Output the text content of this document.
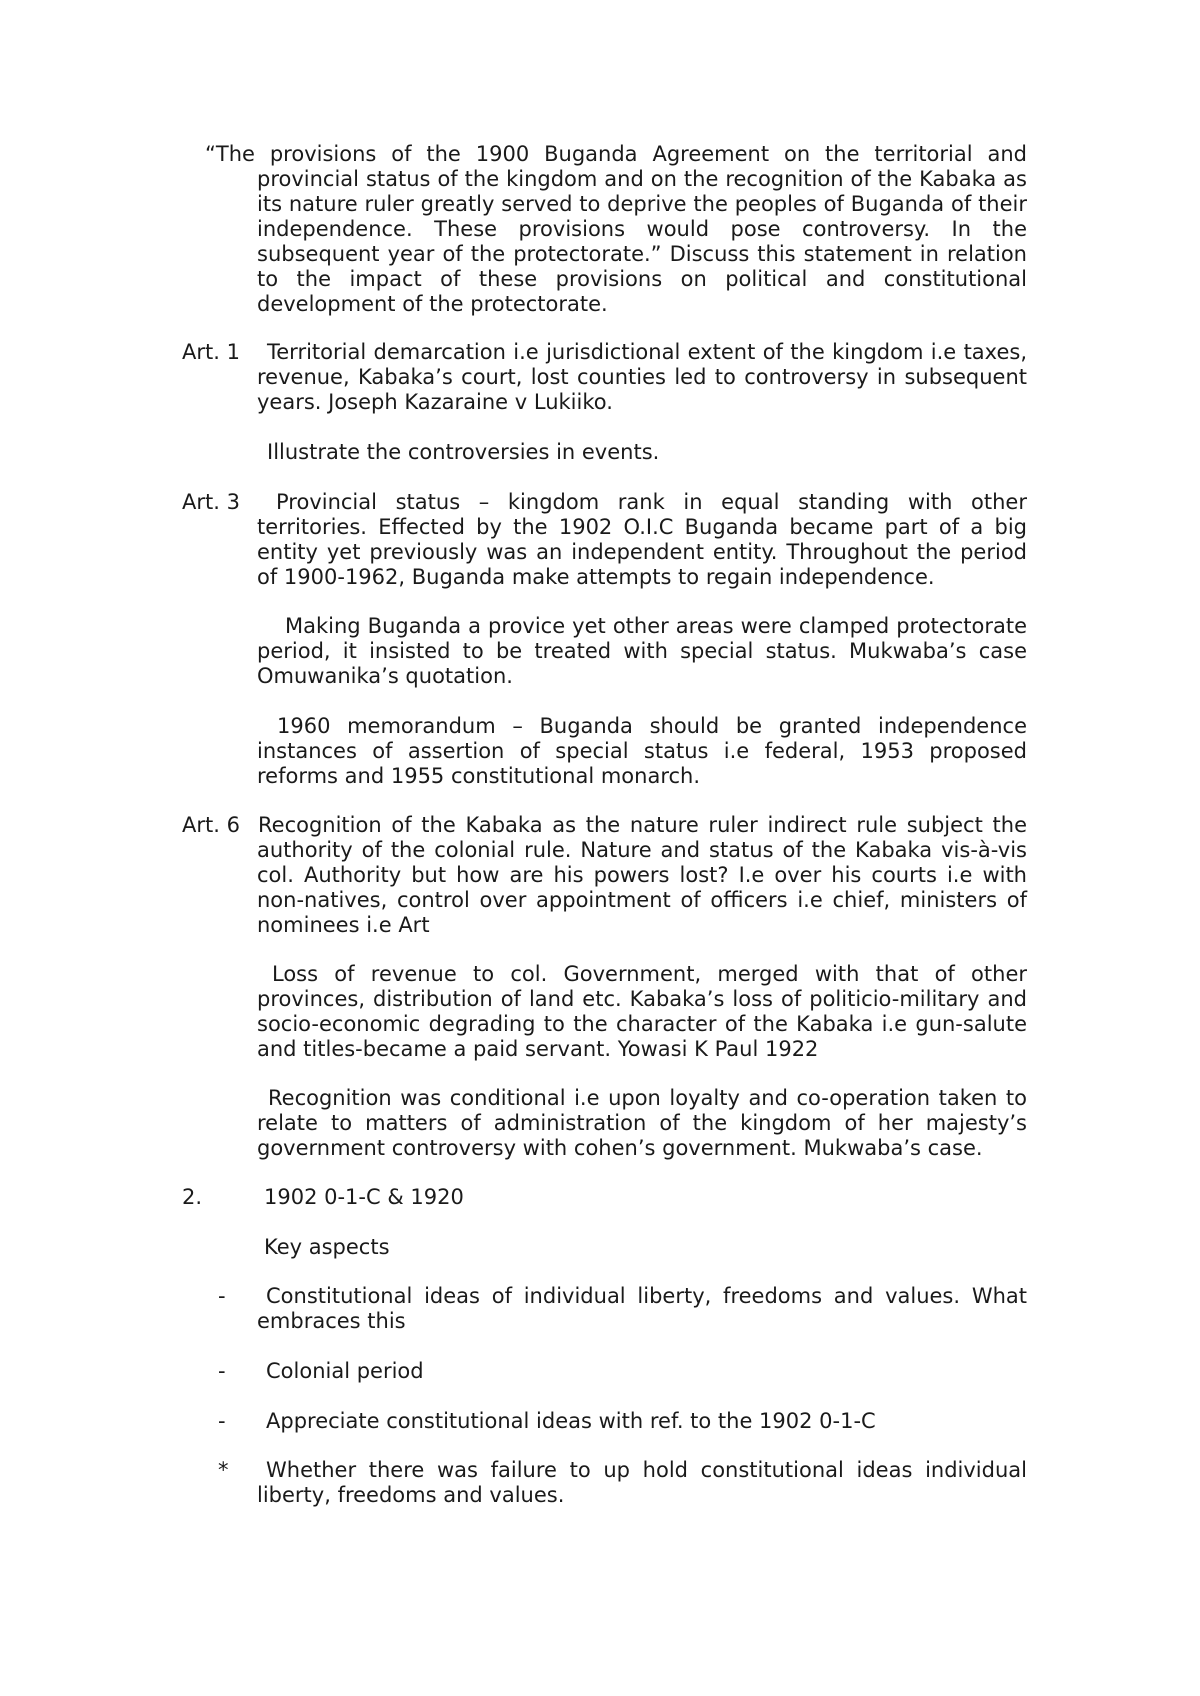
“The provisions of the 1900 Buganda Agreement on the territorial and provincial status of the kingdom and on the recognition of the Kabaka as its nature ruler greatly served to deprive the peoples of Buganda of their independence. These provisions would pose controversy. In the subsequent year of the protectorate.” Discuss this statement in relation to the impact of these provisions on political and constitutional development of the protectorate.
Art. 1	Territorial demarcation i.e jurisdictional extent of the kingdom i.e taxes, revenue, Kabaka’s court, lost counties led to controversy in subsequent years. Joseph Kazaraine v Lukiiko.
Illustrate the controversies in events.
Art. 3	Provincial status – kingdom rank in equal standing with other territories. Effected by the 1902 O.I.C Buganda became part of a big entity yet previously was an independent entity. Throughout the period of 1900-1962, Buganda make attempts to regain independence.
Making Buganda a provice yet other areas were clamped protectorate period, it insisted to be treated with special status. Mukwaba’s case Omuwanika’s quotation.
1960 memorandum – Buganda should be granted independence instances of assertion of special status i.e federal, 1953 proposed reforms and 1955 constitutional monarch.
Art. 6 Recognition of the Kabaka as the nature ruler indirect rule subject the authority of the colonial rule. Nature and status of the Kabaka vis-à-vis col. Authority but how are his powers lost? I.e over his courts i.e with non-natives, control over appointment of officers i.e chief, ministers of nominees i.e Art
Loss of revenue to col. Government, merged with that of other provinces, distribution of land etc. Kabaka’s loss of politicio-military and socio-economic degrading to the character of the Kabaka i.e gun-salute and titles-became a paid servant. Yowasi K Paul 1922
Recognition was conditional i.e upon loyalty and co-operation taken to relate to matters of administration of the kingdom of her majesty’s government controversy with cohen’s government. Mukwaba’s case.
2.	1902 0-1-C & 1920
Key aspects
-	Constitutional ideas of individual liberty, freedoms and values. What embraces this
-	Colonial period
-	Appreciate constitutional ideas with ref. to the 1902 0-1-C
*	Whether there was failure to up hold constitutional ideas individual liberty, freedoms and values.
